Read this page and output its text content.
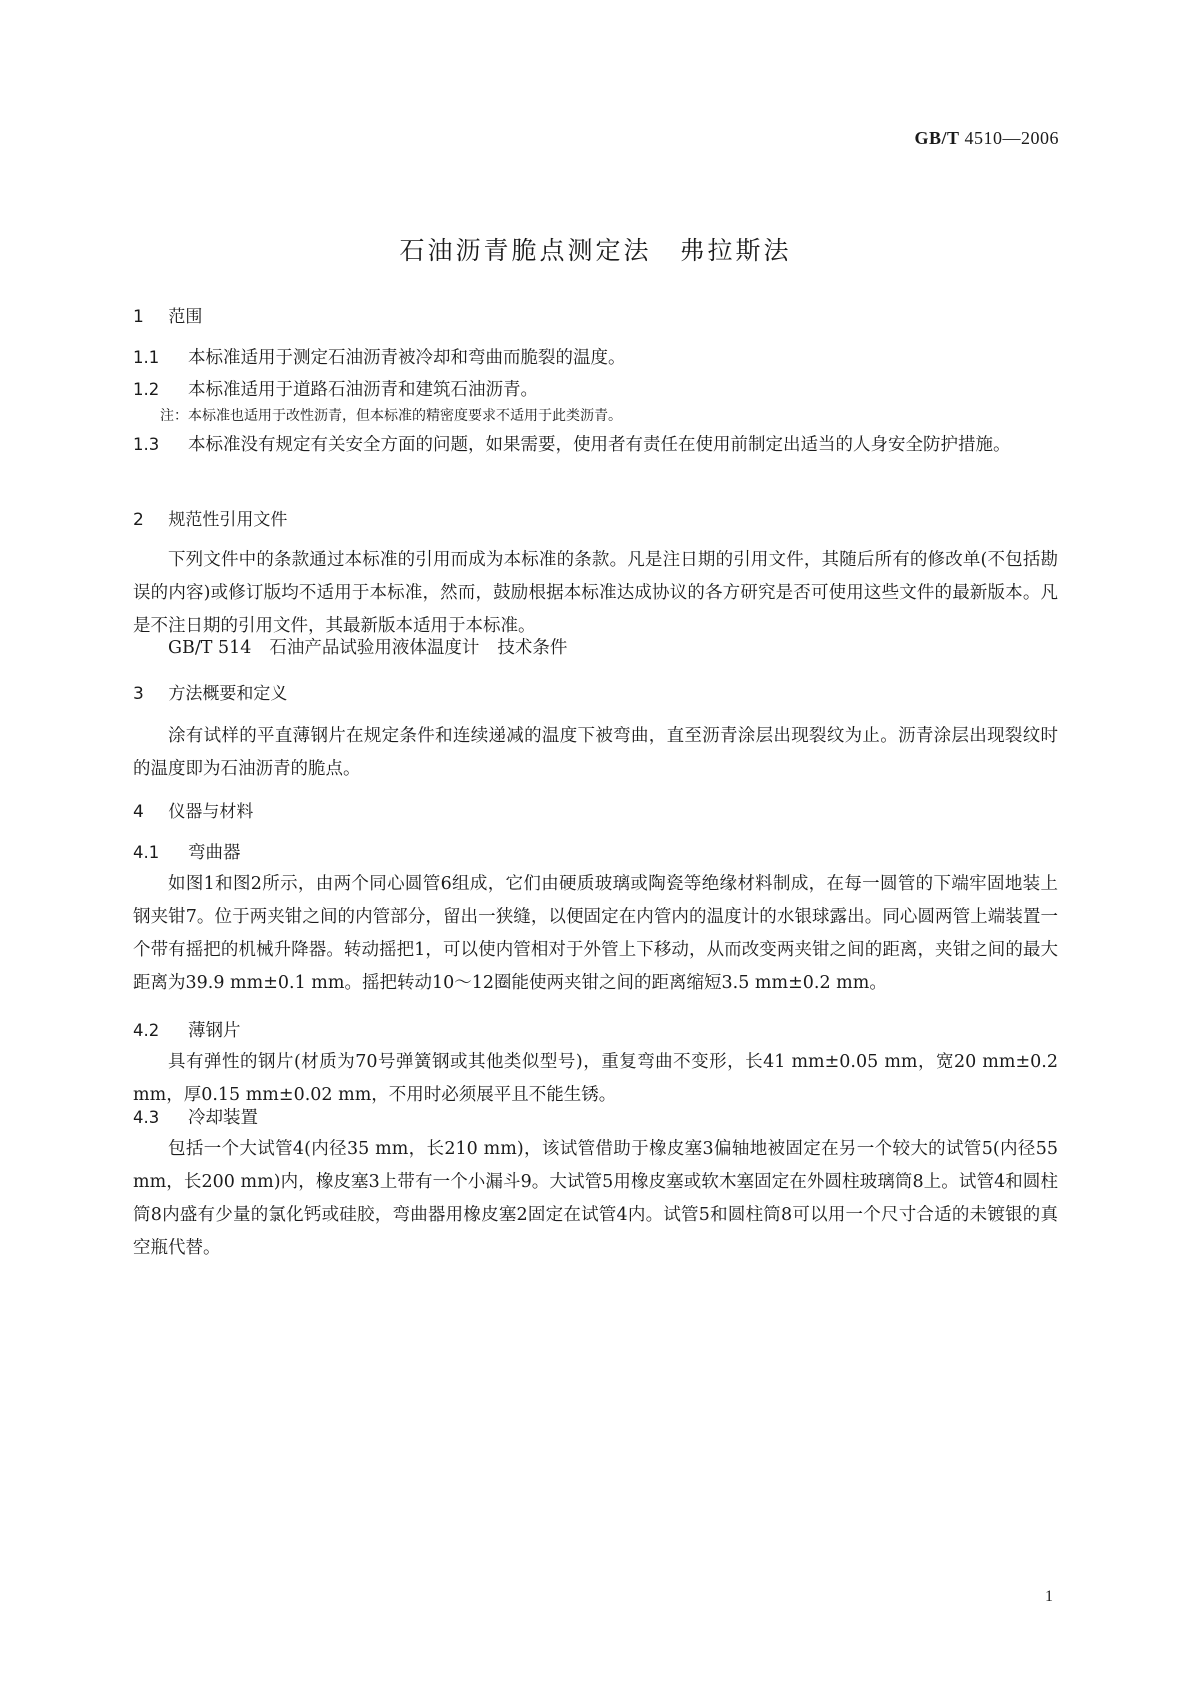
GB/T 4510—2006
石油沥青脆点测定法　弗拉斯法
1 范围
1.1 本标准适用于测定石油沥青被冷却和弯曲而脆裂的温度。
1.2 本标准适用于道路石油沥青和建筑石油沥青。
注：本标准也适用于改性沥青，但本标准的精密度要求不适用于此类沥青。
1.3 本标准没有规定有关安全方面的问题，如果需要，使用者有责任在使用前制定出适当的人身安全防护措施。
2 规范性引用文件
下列文件中的条款通过本标准的引用而成为本标准的条款。凡是注日期的引用文件，其随后所有的修改单(不包括勘误的内容)或修订版均不适用于本标准，然而，鼓励根据本标准达成协议的各方研究是否可使用这些文件的最新版本。凡是不注日期的引用文件，其最新版本适用于本标准。
GB/T 514 石油产品试验用液体温度计 技术条件
3 方法概要和定义
涂有试样的平直薄钢片在规定条件和连续递减的温度下被弯曲，直至沥青涂层出现裂纹为止。沥青涂层出现裂纹时的温度即为石油沥青的脆点。
4 仪器与材料
4.1 弯曲器
如图1和图2所示，由两个同心圆管6组成，它们由硬质玻璃或陶瓷等绝缘材料制成，在每一圆管的下端牢固地装上钢夹钳7。位于两夹钳之间的内管部分，留出一狭缝，以便固定在内管内的温度计的水银球露出。同心圆两管上端装置一个带有摇把的机械升降器。转动摇把1，可以使内管相对于外管上下移动，从而改变两夹钳之间的距离，夹钳之间的最大距离为39.9 mm±0.1 mm。摇把转动10～12圈能使两夹钳之间的距离缩短3.5 mm±0.2 mm。
4.2 薄钢片
具有弹性的钢片(材质为70号弹簧钢或其他类似型号)，重复弯曲不变形，长41 mm±0.05 mm，宽20 mm±0.2 mm，厚0.15 mm±0.02 mm，不用时必须展平且不能生锈。
4.3 冷却装置
包括一个大试管4(内径35 mm，长210 mm)，该试管借助于橡皮塞3偏轴地被固定在另一个较大的试管5(内径55 mm，长200 mm)内，橡皮塞3上带有一个小漏斗9。大试管5用橡皮塞或软木塞固定在外圆柱玻璃筒8上。试管4和圆柱筒8内盛有少量的氯化钙或硅胶，弯曲器用橡皮塞2固定在试管4内。试管5和圆柱筒8可以用一个尺寸合适的未镀银的真空瓶代替。
1
